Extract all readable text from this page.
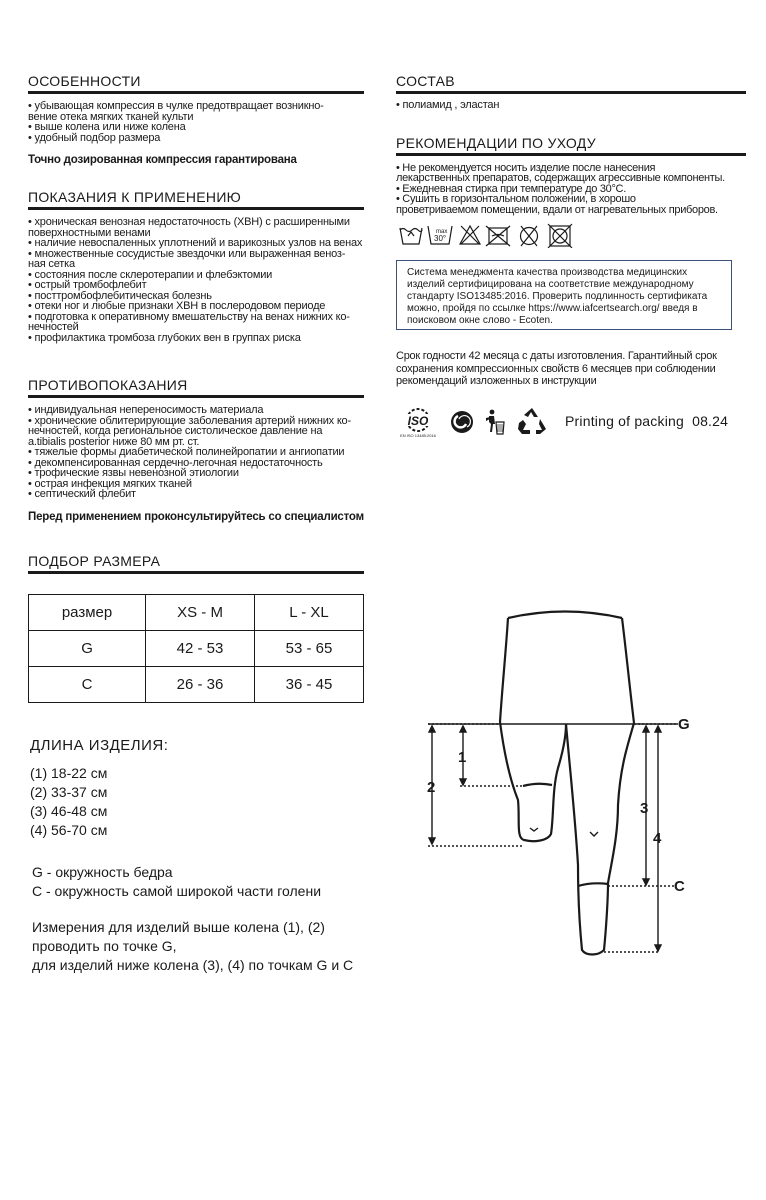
ОСОБЕННОСТИ
• убывающая компрессия в чулке предотвращает возникно-
вение отека мягких тканей культи
• выше колена или ниже колена
• удобный подбор размера
Точно дозированная компрессия гарантирована
ПОКАЗАНИЯ К ПРИМЕНЕНИЮ
• хроническая венозная недостаточность (ХВН) с расширенными
поверхностными венами
• наличие невоспаленных уплотнений и варикозных узлов на венах
• множественные сосудистые звездочки или выраженная веноз-
ная сетка
• состояния после склеротерапии и флебэктомии
• острый тромбофлебит
• посттромбофлебитическая болезнь
• отеки ног и любые признаки ХВН в послеродовом периоде
• подготовка к оперативному вмешательству на венах нижних ко-
нечностей
• профилактика тромбоза глубоких вен в группах риска
ПРОТИВОПОКАЗАНИЯ
• индивидуальная непереносимость материала
• хронические облитерирующие заболевания артерий нижних ко-
нечностей, когда регионaльное систолическое давление на
a.tibialis posterior ниже 80 мм рт. ст.
• тяжелые формы диабетической полинейропатии и ангиопатии
• декомпенсированная сердечно-легочная недостаточность
• трофические язвы невенозной этиологии
• острая инфекция мягких тканей
• септический флебит
Перед применением проконсультируйтесь со специалистом
ПОДБОР РАЗМЕРА
размер	XS - M	L - XL
G	42 - 53	53 - 65
C	26 - 36	36 - 45
ДЛИНА ИЗДЕЛИЯ:
(1) 18-22 см
(2) 33-37 см
(3) 46-48 см
(4) 56-70 см
G - окружность бедра
C - окружность самой широкой части голени
Измерения для изделий выше колена (1), (2)
проводить по точке G,
для изделий ниже колена (3), (4) по точкам G и C
СОСТАВ
• полиамид , эластан
РЕКОМЕНДАЦИИ ПО УХОДУ
• Не рекомендуется носить изделие после нанесения
лекарственных препаратов, содержащих агрессивные компоненты.
• Ежедневная стирка при температуре до 30°С.
• Сушить в горизонтальном положении, в хорошо
проветриваемом помещении, вдали от нагревательных приборов.
max
30°
Система менеджмента качества производства медицинских
изделий сертифицирована на соответствие международному
стандарту ISO13485:2016. Проверить подлинность сертификата
можно, пройдя по ссылке https://www.iafcertsearch.org/ введя в
поисковом окне слово - Ecoten.
Срок годности 42 месяца с даты изготовления. Гарантийный срок
сохранения компрессионных свойств 6 месяцев при соблюдении
рекомендаций изложенных в инструкции
ISO
EN ISO 13485:2016
Printing of packing 08.24
G
C
1
2
3
4
